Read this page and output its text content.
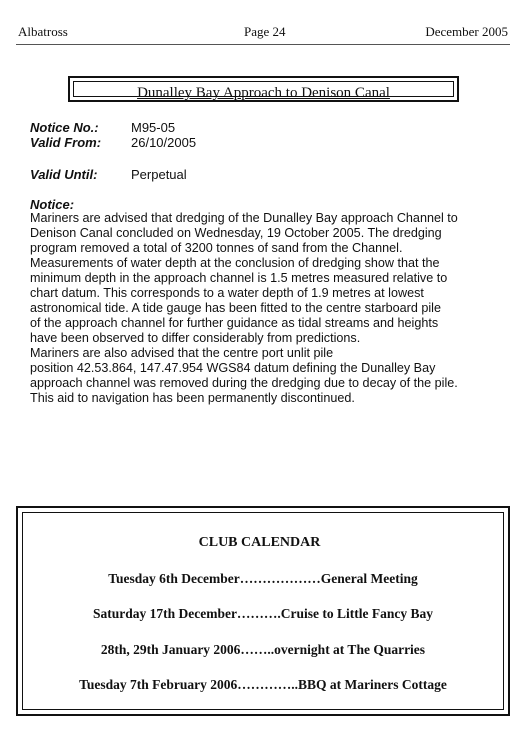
Albatross	Page 24	December 2005
Dunalley Bay Approach to Denison Canal
Notice No.: M95-05
Valid From: 26/10/2005
Valid Until:	Perpetual
Notice:
Mariners are advised that dredging of the Dunalley Bay approach Channel to
Denison Canal concluded on Wednesday, 19 October 2005. The dredging
program removed a total of 3200 tonnes of sand from the Channel.
Measurements of water depth at the conclusion of dredging show that the
minimum depth in the approach channel is 1.5 metres measured relative to
chart datum. This corresponds to a water depth of 1.9 metres at lowest
astronomical tide. A tide gauge has been fitted to the centre starboard pile
of the approach channel for further guidance as tidal streams and heights
have been observed to differ considerably from predictions.
Mariners are also advised that the centre port unlit pile
position 42.53.864, 147.47.954 WGS84 datum defining the Dunalley Bay
approach channel was removed during the dredging due to decay of the pile.
This aid to navigation has been permanently discontinued.
CLUB CALENDAR
Tuesday 6th December………………General Meeting
Saturday 17th December……….Cruise to Little Fancy Bay
28th, 29th January 2006……..overnight at The Quarries
Tuesday 7th February 2006…………..BBQ at Mariners Cottage
